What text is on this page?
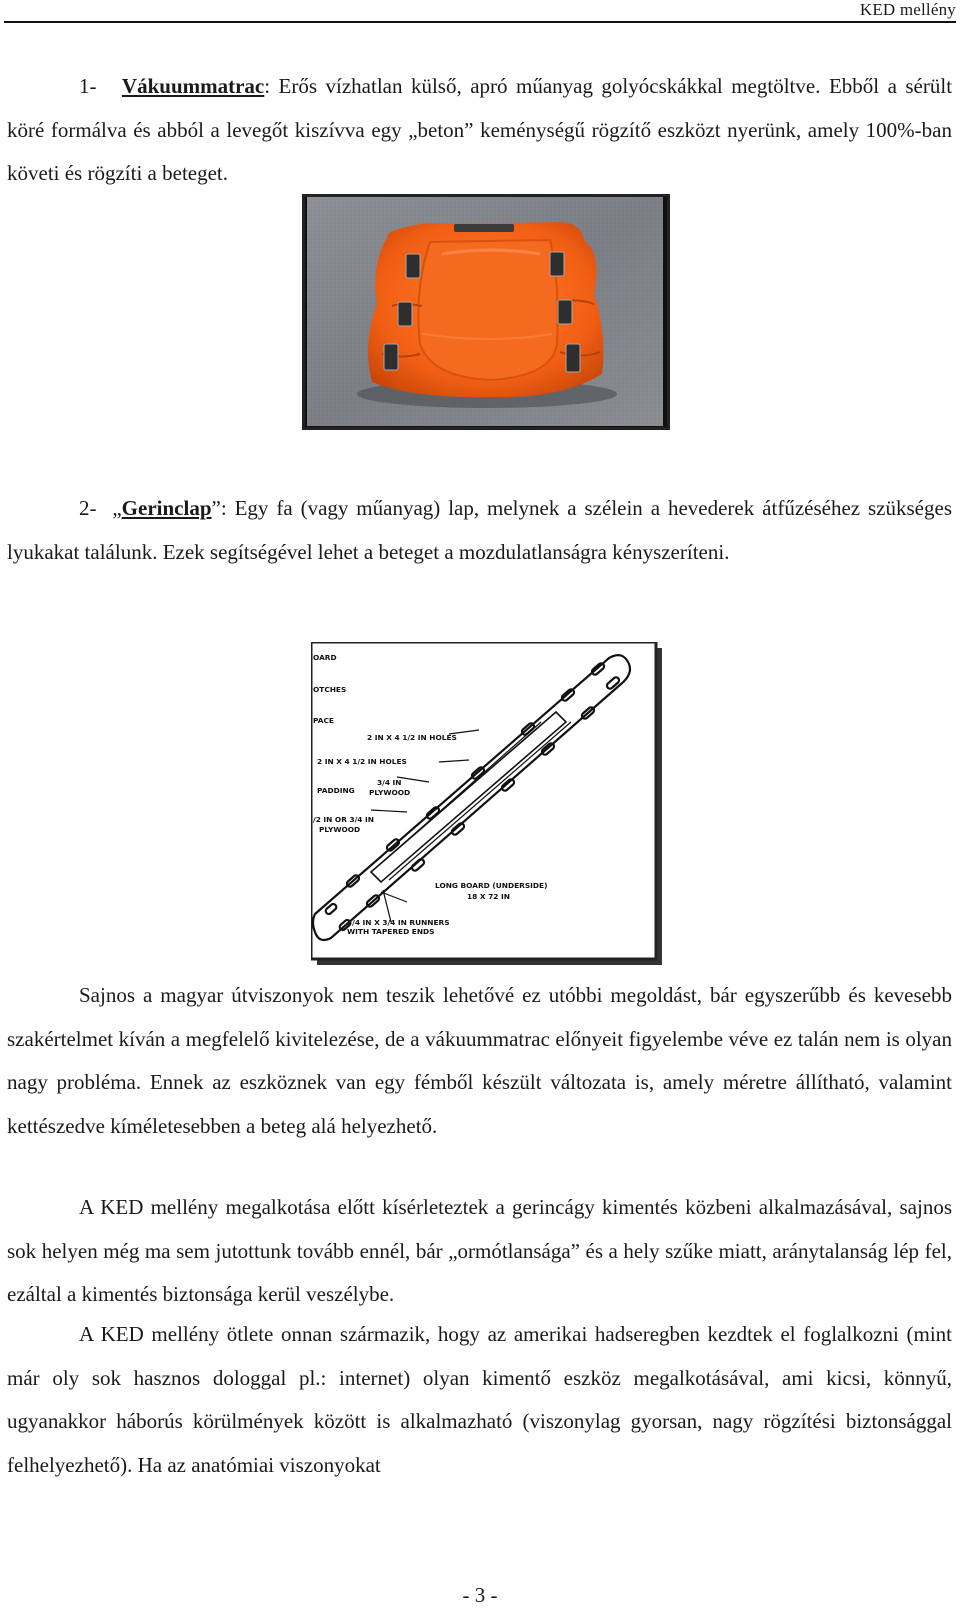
KED mellény
1- Vákuummatrac: Erős vízhatlan külső, apró műanyag golyócskákkal megtöltve. Ebből a sérült köré formálva és abból a levegőt kiszívva egy „beton” keménységű rögzítő eszközt nyerünk, amely 100%-ban követi és rögzíti a beteget.
2- „Gerinclap”: Egy fa (vagy műanyag) lap, melynek a szélein a hevederek átfűzéséhez szükséges lyukakat találunk. Ezek segítségével lehet a beteget a mozdulatlanságra kényszeríteni.
OARD
OTCHES
PACE
2 IN X 4 1/2 IN HOLES
2 IN X 4 1/2 IN HOLES
3/4 IN
PLYWOOD
PADDING
/2 IN OR 3/4 IN
PLYWOOD
LONG BOARD (UNDERSIDE)
18 X 72 IN
3/4 IN X 3/4 IN RUNNERS
WITH TAPERED ENDS
Sajnos a magyar útviszonyok nem teszik lehetővé ez utóbbi megoldást, bár egyszerűbb és kevesebb szakértelmet kíván a megfelelő kivitelezése, de a vákuummatrac előnyeit figyelembe véve ez talán nem is olyan nagy probléma. Ennek az eszköznek van egy fémből készült változata is, amely méretre állítható, valamint kettészedve kíméletesebben a beteg alá helyezhető.
A KED mellény megalkotása előtt kísérleteztek a gerincágy kimentés közbeni alkalmazásával, sajnos sok helyen még ma sem jutottunk tovább ennél, bár „ormótlansága” és a hely szűke miatt, aránytalanság lép fel, ezáltal a kimentés biztonsága kerül veszélybe.
A KED mellény ötlete onnan származik, hogy az amerikai hadseregben kezdtek el foglalkozni (mint már oly sok hasznos dologgal pl.: internet) olyan kimentő eszköz megalkotásával, ami kicsi, könnyű, ugyanakkor háborús körülmények között is alkalmazható (viszonylag gyorsan, nagy rögzítési biztonsággal felhelyezhető). Ha az anatómiai viszonyokat
- 3 -
